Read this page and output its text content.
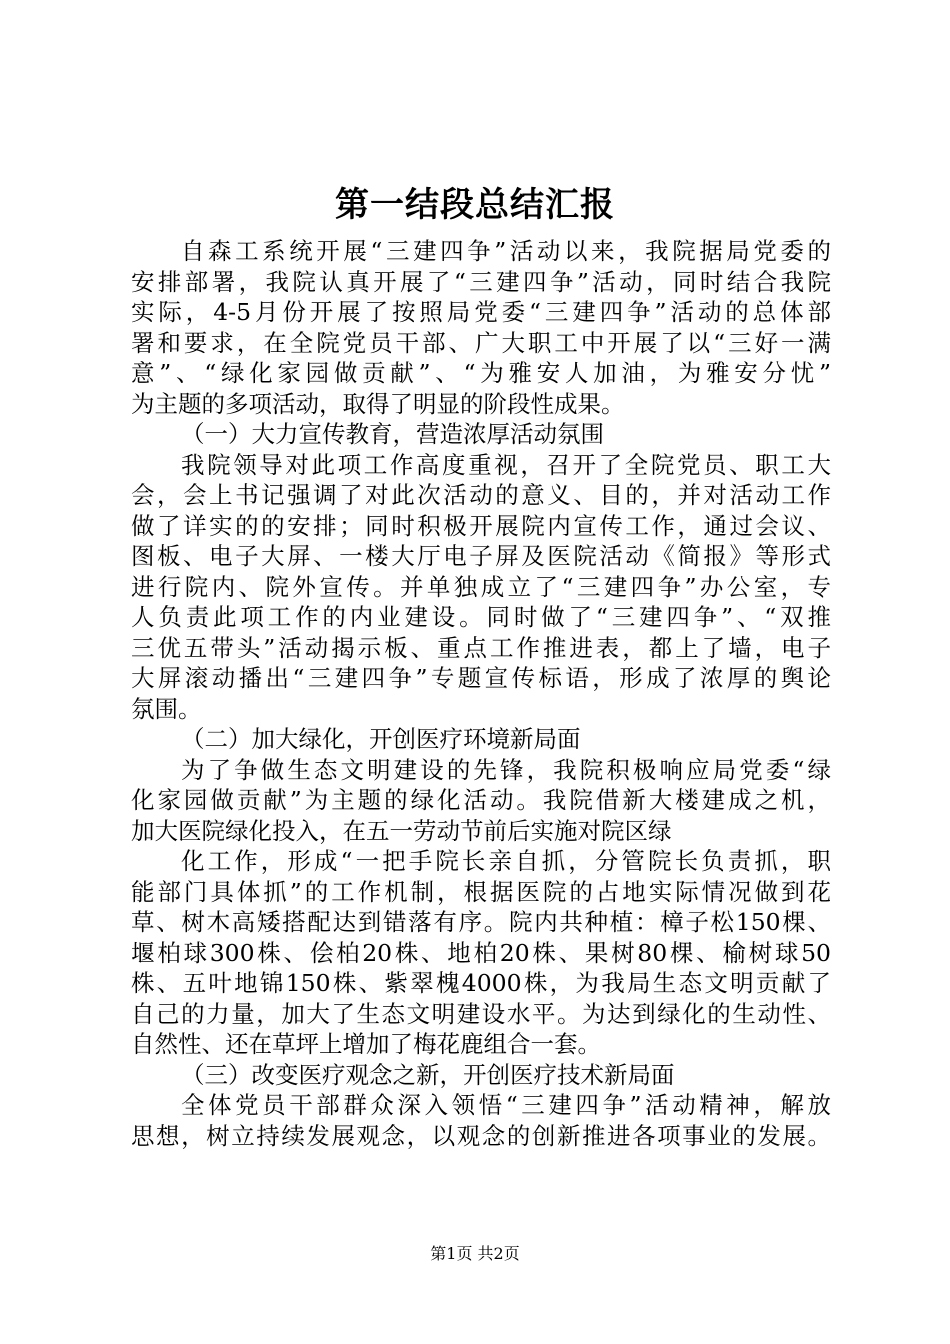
第一结段总结汇报
自森工系统开展“三建四争”活动以来，我院据局党委的
安排部署，我院认真开展了“三建四争”活动，同时结合我院
实际，4-5月份开展了按照局党委“三建四争”活动的总体部
署和要求，在全院党员干部、广大职工中开展了以“三好一满
意”、“绿化家园做贡献”、“为雅安人加油，为雅安分忧”
为主题的多项活动，取得了明显的阶段性成果。
（一）大力宣传教育，营造浓厚活动氛围
我院领导对此项工作高度重视，召开了全院党员、职工大
会，会上书记强调了对此次活动的意义、目的，并对活动工作
做了详实的的安排；同时积极开展院内宣传工作，通过会议、
图板、电子大屏、一楼大厅电子屏及医院活动《简报》等形式
进行院内、院外宣传。并单独成立了“三建四争”办公室，专
人负责此项工作的内业建设。同时做了“三建四争”、“双推
三优五带头”活动揭示板、重点工作推进表，都上了墙，电子
大屏滚动播出“三建四争”专题宣传标语，形成了浓厚的舆论
氛围。
（二）加大绿化，开创医疗环境新局面
为了争做生态文明建设的先锋，我院积极响应局党委“绿
化家园做贡献”为主题的绿化活动。我院借新大楼建成之机，
加大医院绿化投入，在五一劳动节前后实施对院区绿
化工作，形成“一把手院长亲自抓，分管院长负责抓，职
能部门具体抓”的工作机制，根据医院的占地实际情况做到花
草、树木高矮搭配达到错落有序。院内共种植：樟子松150棵、
堰柏球300株、侩柏20株、地柏20株、果树80棵、榆树球50
株、五叶地锦150株、紫翠槐4000株，为我局生态文明贡献了
自己的力量，加大了生态文明建设水平。为达到绿化的生动性、
自然性、还在草坪上增加了梅花鹿组合一套。
（三）改变医疗观念之新，开创医疗技术新局面
全体党员干部群众深入领悟“三建四争”活动精神，解放
思想，树立持续发展观念，以观念的创新推进各项事业的发展。
第1页 共2页
